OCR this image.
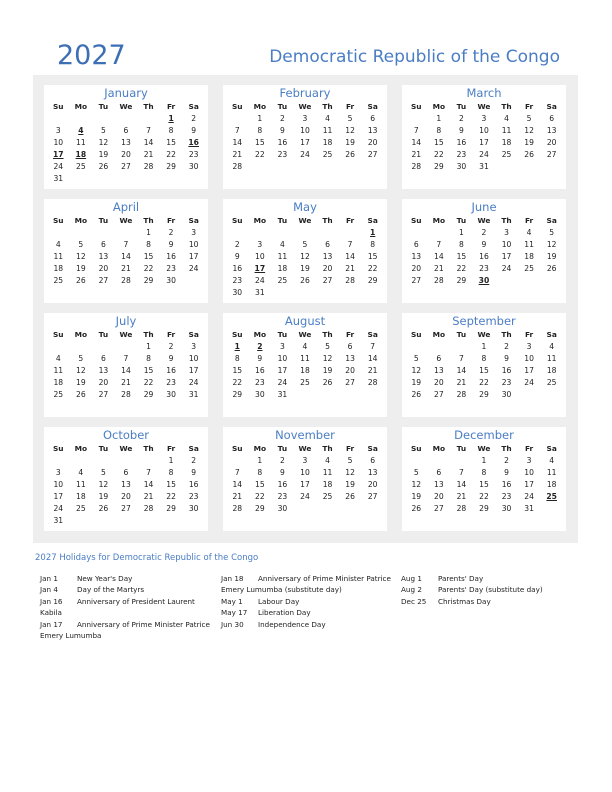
2027	Democratic Republic of the Congo
January
Su	Mo	Tu	We	Th	Fr	Sa
					1	2
3	4	5	6	7	8	9
10	11	12	13	14	15	16
17	18	19	20	21	22	23
24	25	26	27	28	29	30
31						
February
Su	Mo	Tu	We	Th	Fr	Sa
	1	2	3	4	5	6
7	8	9	10	11	12	13
14	15	16	17	18	19	20
21	22	23	24	25	26	27
28						
March
Su	Mo	Tu	We	Th	Fr	Sa
	1	2	3	4	5	6
7	8	9	10	11	12	13
14	15	16	17	18	19	20
21	22	23	24	25	26	27
28	29	30	31			
April
Su	Mo	Tu	We	Th	Fr	Sa
				1	2	3
4	5	6	7	8	9	10
11	12	13	14	15	16	17
18	19	20	21	22	23	24
25	26	27	28	29	30	
May
Su	Mo	Tu	We	Th	Fr	Sa
						1
2	3	4	5	6	7	8
9	10	11	12	13	14	15
16	17	18	19	20	21	22
23	24	25	26	27	28	29
30	31					
June
Su	Mo	Tu	We	Th	Fr	Sa
		1	2	3	4	5
6	7	8	9	10	11	12
13	14	15	16	17	18	19
20	21	22	23	24	25	26
27	28	29	30			
July
Su	Mo	Tu	We	Th	Fr	Sa
				1	2	3
4	5	6	7	8	9	10
11	12	13	14	15	16	17
18	19	20	21	22	23	24
25	26	27	28	29	30	31
August
Su	Mo	Tu	We	Th	Fr	Sa
1	2	3	4	5	6	7
8	9	10	11	12	13	14
15	16	17	18	19	20	21
22	23	24	25	26	27	28
29	30	31				
September
Su	Mo	Tu	We	Th	Fr	Sa
			1	2	3	4
5	6	7	8	9	10	11
12	13	14	15	16	17	18
19	20	21	22	23	24	25
26	27	28	29	30		
October
Su	Mo	Tu	We	Th	Fr	Sa
					1	2
3	4	5	6	7	8	9
10	11	12	13	14	15	16
17	18	19	20	21	22	23
24	25	26	27	28	29	30
31						
November
Su	Mo	Tu	We	Th	Fr	Sa
	1	2	3	4	5	6
7	8	9	10	11	12	13
14	15	16	17	18	19	20
21	22	23	24	25	26	27
28	29	30				
December
Su	Mo	Tu	We	Th	Fr	Sa
			1	2	3	4
5	6	7	8	9	10	11
12	13	14	15	16	17	18
19	20	21	22	23	24	25
26	27	28	29	30	31	
2027 Holidays for Democratic Republic of the Congo
Jan 1	New Year's Day
Jan 4	Day of the Martyrs
Jan 16	Anniversary of President Laurent
Kabila
Jan 17	Anniversary of Prime Minister Patrice
Emery Lumumba
Jan 18	Anniversary of Prime Minister Patrice
Emery Lumumba (substitute day)
May 1	Labour Day
May 17	Liberation Day
Jun 30	Independence Day
Aug 1	Parents' Day
Aug 2	Parents' Day (substitute day)
Dec 25	Christmas Day
